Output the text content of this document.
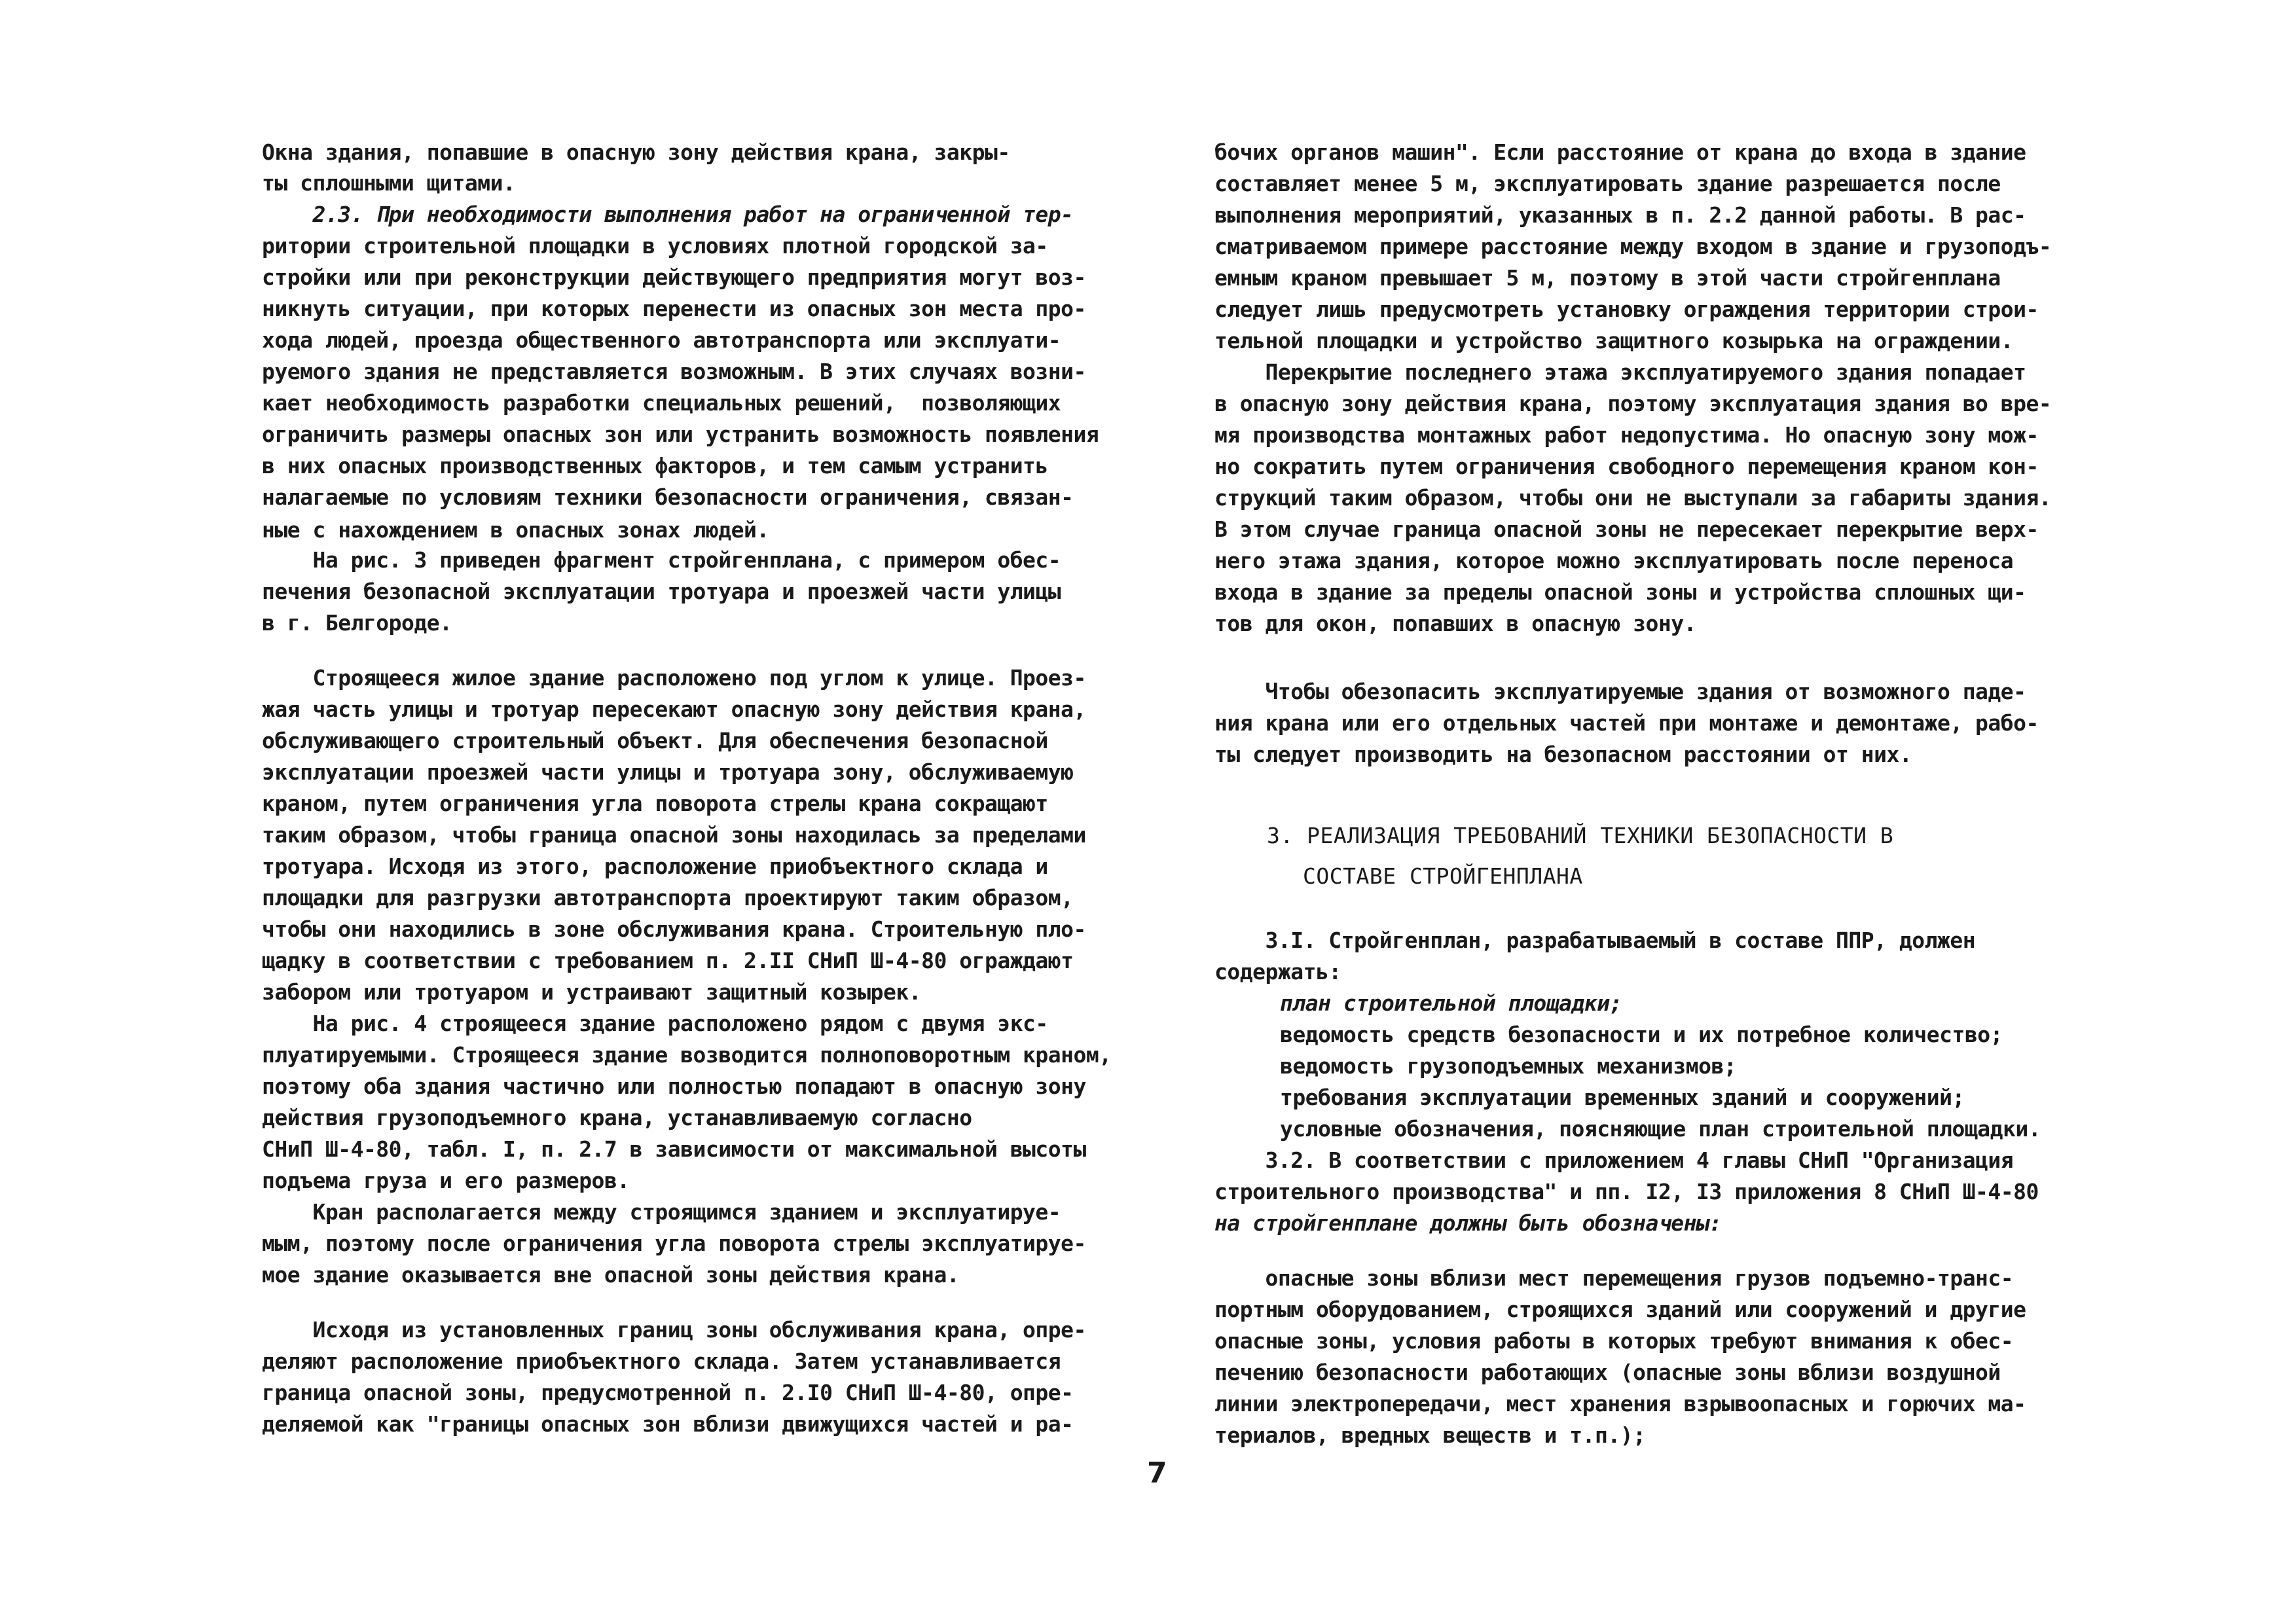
Окна здания, попавшие в опасную зону действия крана, закры-
ты сплошными щитами.
2.3. При необходимости выполнения работ на ограниченной тер-
ритории строительной площадки в условиях плотной городской за-
стройки или при реконструкции действующего предприятия могут воз-
никнуть ситуации, при которых перенести из опасных зон места про-
хода людей, проезда общественного автотранспорта или эксплуати-
руемого здания не представляется возможным. В этих случаях возни-
кает необходимость разработки специальных решений,  позволяющих
ограничить размеры опасных зон или устранить возможность появления
в них опасных производственных факторов, и тем самым устранить
налагаемые по условиям техники безопасности ограничения, связан-
ные с нахождением в опасных зонах людей.
На рис. 3 приведен фрагмент стройгенплана, с примером обес-
печения безопасной эксплуатации тротуара и проезжей части улицы
в г. Белгороде.
Строящееся жилое здание расположено под углом к улице. Проез-
жая часть улицы и тротуар пересекают опасную зону действия крана,
обслуживающего строительный объект. Для обеспечения безопасной
эксплуатации проезжей части улицы и тротуара зону, обслуживаемую
краном, путем ограничения угла поворота стрелы крана сокращают
таким образом, чтобы граница опасной зоны находилась за пределами
тротуара. Исходя из этого, расположение приобъектного склада и
площадки для разгрузки автотранспорта проектируют таким образом,
чтобы они находились в зоне обслуживания крана. Строительную пло-
щадку в соответствии с требованием п. 2.II СНиП Ш-4-80 ограждают
забором или тротуаром и устраивают защитный козырек.
На рис. 4 строящееся здание расположено рядом с двумя экс-
плуатируемыми. Строящееся здание возводится полноповоротным краном,
поэтому оба здания частично или полностью попадают в опасную зону
действия грузоподъемного крана, устанавливаемую согласно
СНиП Ш-4-80, табл. I, п. 2.7 в зависимости от максимальной высоты
подъема груза и его размеров.
Кран располагается между строящимся зданием и эксплуатируе-
мым, поэтому после ограничения угла поворота стрелы эксплуатируе-
мое здание оказывается вне опасной зоны действия крана.
Исходя из установленных границ зоны обслуживания крана, опре-
деляют расположение приобъектного склада. Затем устанавливается
граница опасной зоны, предусмотренной п. 2.I0 СНиП Ш-4-80, опре-
деляемой как "границы опасных зон вблизи движущихся частей и ра-
бочих органов машин". Если расстояние от крана до входа в здание
составляет менее 5 м, эксплуатировать здание разрешается после
выполнения мероприятий, указанных в п. 2.2 данной работы. В рас-
сматриваемом примере расстояние между входом в здание и грузоподъ-
емным краном превышает 5 м, поэтому в этой части стройгенплана
следует лишь предусмотреть установку ограждения территории строи-
тельной площадки и устройство защитного козырька на ограждении.
Перекрытие последнего этажа эксплуатируемого здания попадает
в опасную зону действия крана, поэтому эксплуатация здания во вре-
мя производства монтажных работ недопустима. Но опасную зону мож-
но сократить путем ограничения свободного перемещения краном кон-
струкций таким образом, чтобы они не выступали за габариты здания.
В этом случае граница опасной зоны не пересекает перекрытие верх-
него этажа здания, которое можно эксплуатировать после переноса
входа в здание за пределы опасной зоны и устройства сплошных щи-
тов для окон, попавших в опасную зону.
Чтобы обезопасить эксплуатируемые здания от возможного паде-
ния крана или его отдельных частей при монтаже и демонтаже, рабо-
ты следует производить на безопасном расстоянии от них.
3. РЕАЛИЗАЦИЯ ТРЕБОВАНИЙ ТЕХНИКИ БЕЗОПАСНОСТИ В
СОСТАВЕ СТРОЙГЕНПЛАНА
3.I. Стройгенплан, разрабатываемый в составе ППР, должен
содержать:
план строительной площадки;
ведомость средств безопасности и их потребное количество;
ведомость грузоподъемных механизмов;
требования эксплуатации временных зданий и сооружений;
условные обозначения, поясняющие план строительной площадки.
3.2. В соответствии с приложением 4 главы СНиП "Организация
строительного производства" и пп. I2, I3 приложения 8 СНиП Ш-4-80
на стройгенплане должны быть обозначены:
опасные зоны вблизи мест перемещения грузов подъемно-транс-
портным оборудованием, строящихся зданий или сооружений и другие
опасные зоны, условия работы в которых требуют внимания к обес-
печению безопасности работающих (опасные зоны вблизи воздушной
линии электропередачи, мест хранения взрывоопасных и горючих ма-
териалов, вредных веществ и т.п.);
7
